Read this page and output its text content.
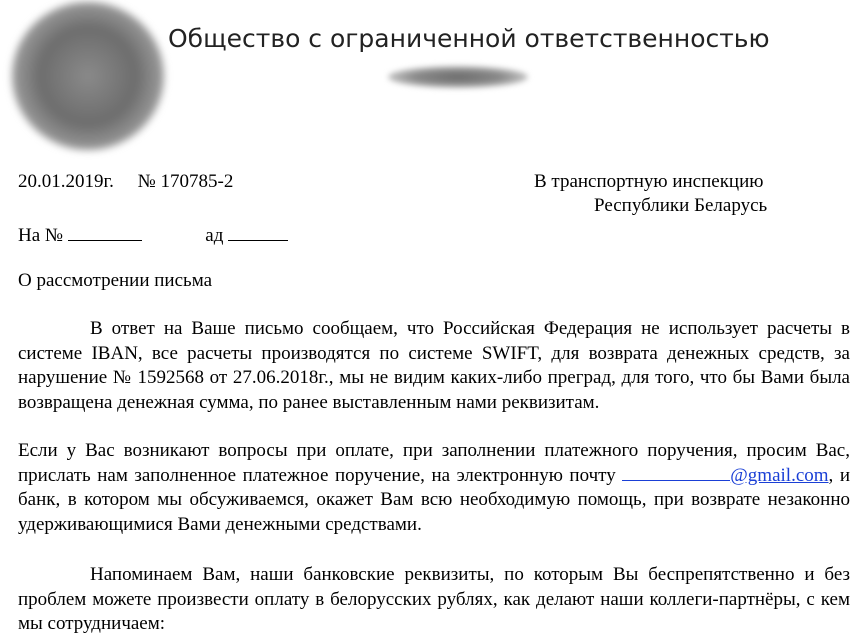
Общество с ограниченной ответственностью
20.01.2019г. № 170785-2	В транспортную инспекцию
Республики Беларусь
На №	ад
О рассмотрении письма
В ответ на Ваше письмо сообщаем, что Российская Федерация не использует расчеты в системе IBAN, все расчеты производятся по системе SWIFT, для возврата денежных средств, за нарушение № 1592568 от 27.06.2018г., мы не видим каких-либо преград, для того, что бы Вами была возвращена денежная сумма, по ранее выставленным нами реквизитам.
Если у Вас возникают вопросы при оплате, при заполнении платежного поручения, просим Вас, прислать нам заполненное платежное поручение, на электронную почту	@gmail.com, и банк, в котором мы обсуживаемся, окажет Вам всю необходимую помощь, при возврате незаконно удерживающимися Вами денежными средствами.
Напоминаем Вам, наши банковские реквизиты, по которым Вы беспрепятственно и без проблем можете произвести оплату в белорусских рублях, как делают наши коллеги-партнёры, с кем мы сотрудничаем:
